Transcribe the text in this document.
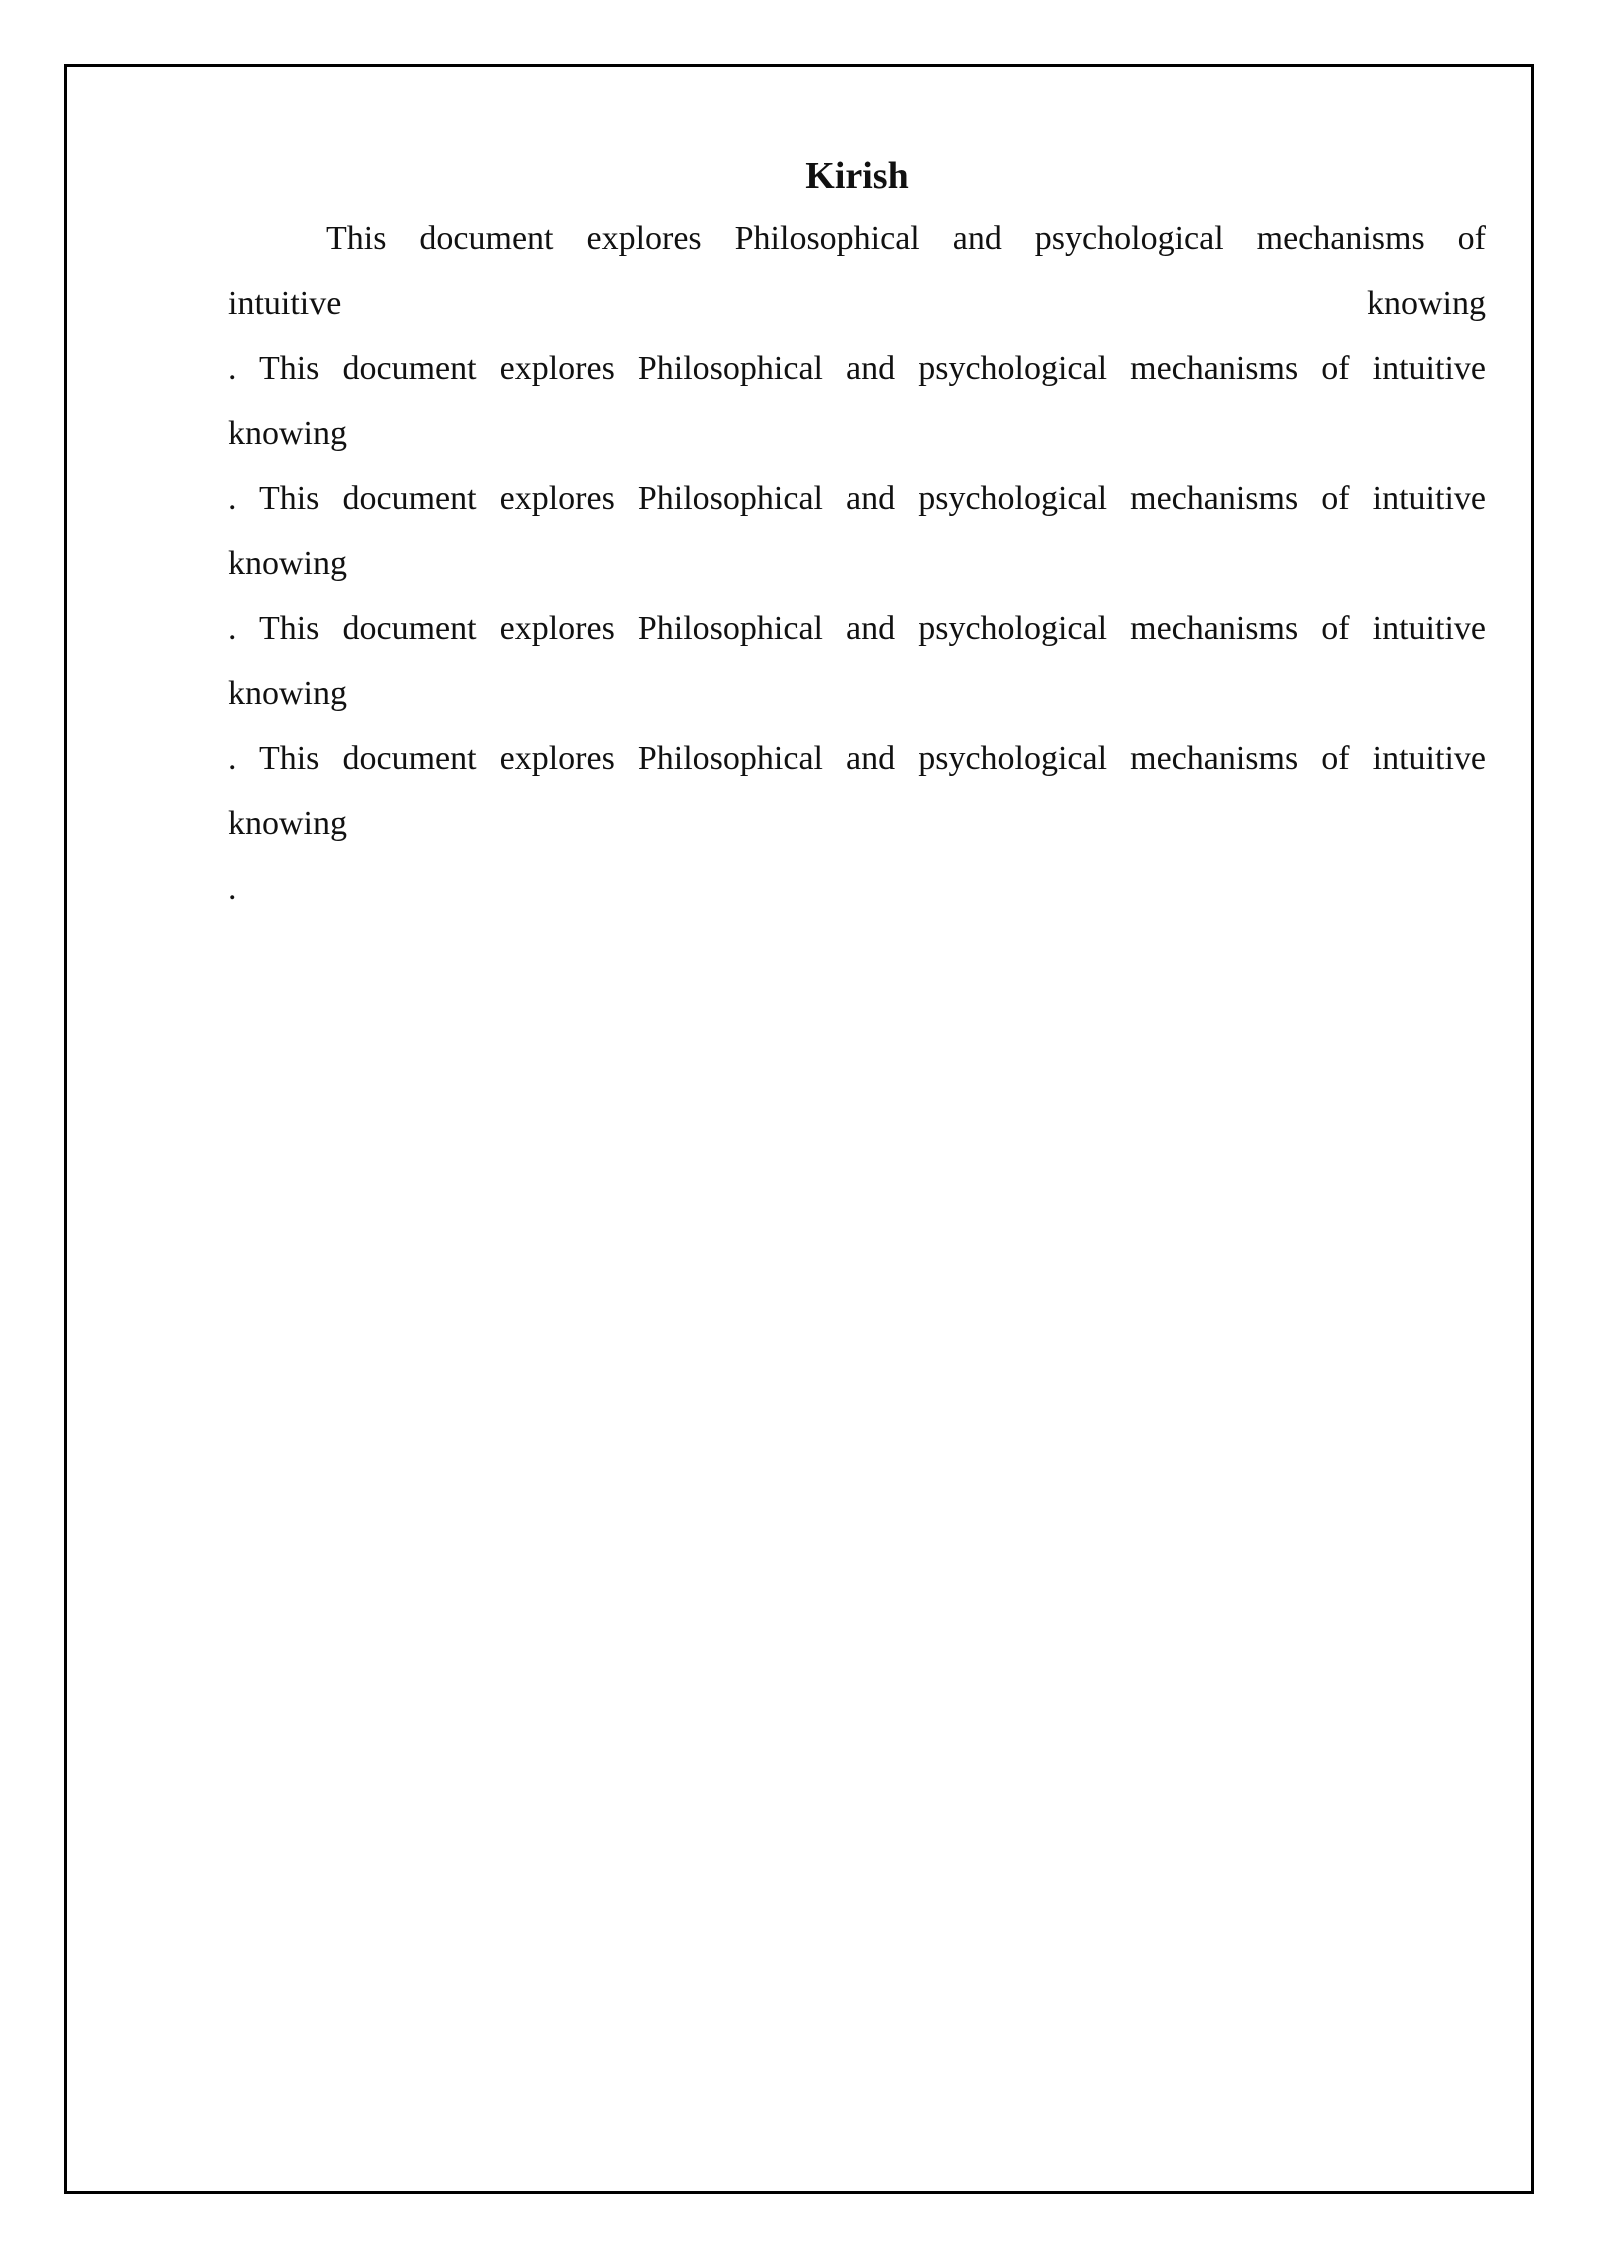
Kirish

This document explores Philosophical and psychological mechanisms of

intuitive	knowing

. This document explores Philosophical and psychological mechanisms of intuitive

knowing

. This document explores Philosophical and psychological mechanisms of intuitive

knowing

. This document explores Philosophical and psychological mechanisms of intuitive

knowing

. This document explores Philosophical and psychological mechanisms of intuitive

knowing

.
